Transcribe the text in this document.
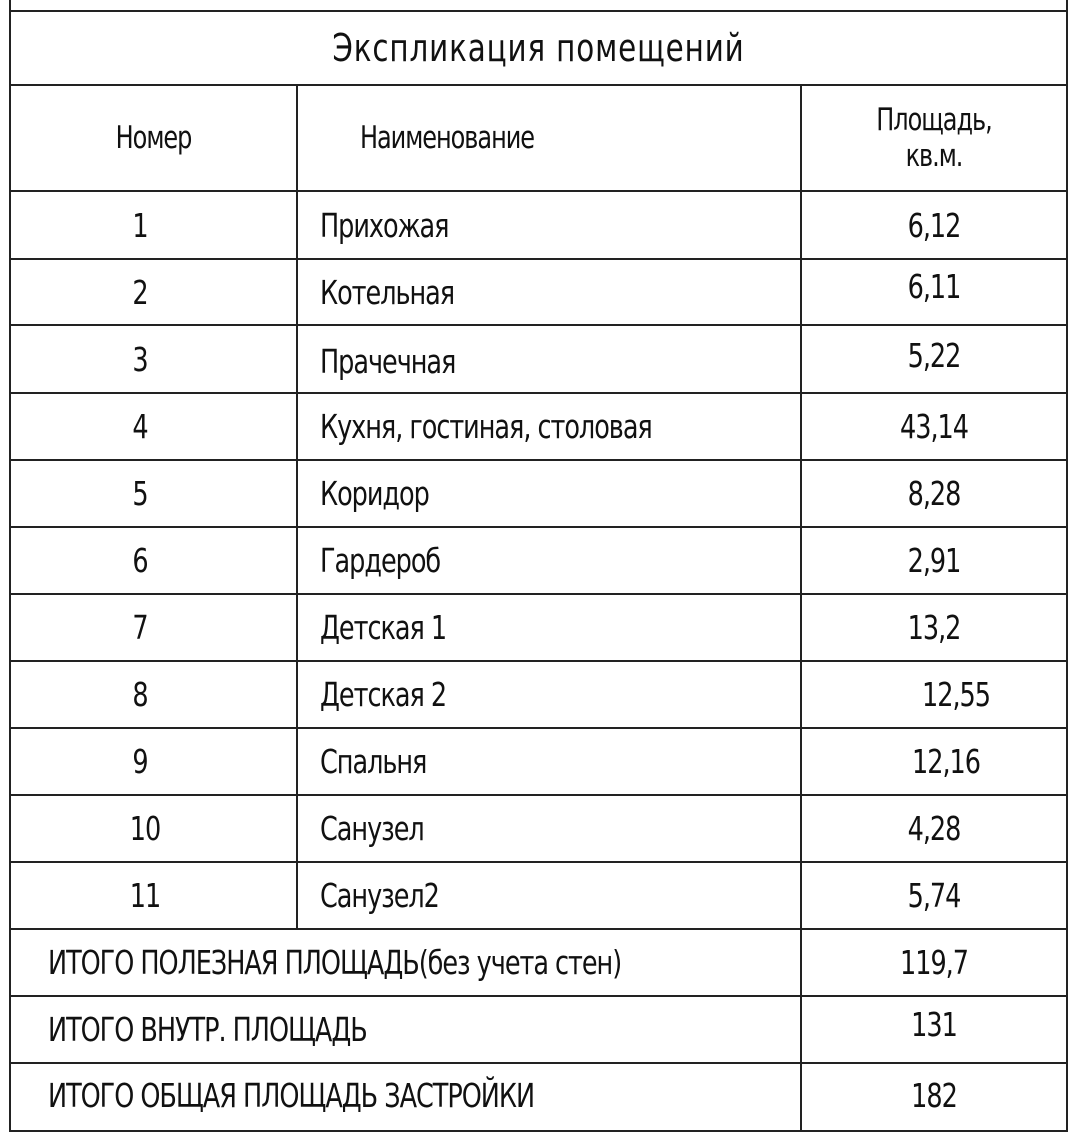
Экспликация помещений
Номер	Наименование	Площадь,
кв.м.
1	Прихожая	6,12
2	Котельная	6,11
3	Прачечная	5,22
4	Кухня, гостиная, столовая	43,14
5	Коридор	8,28
6	Гардероб	2,91
7	Детская 1	13,2
8	Детская 2	12,55
9	Спальня	12,16
10	Санузел	4,28
11	Санузел2	5,74
ИТОГО ПОЛЕЗНАЯ ПЛОЩАДЬ(без учета стен)	119,7
ИТОГО ВНУТР. ПЛОЩАДЬ	131
ИТОГО ОБЩАЯ ПЛОЩАДЬ ЗАСТРОЙКИ	182
